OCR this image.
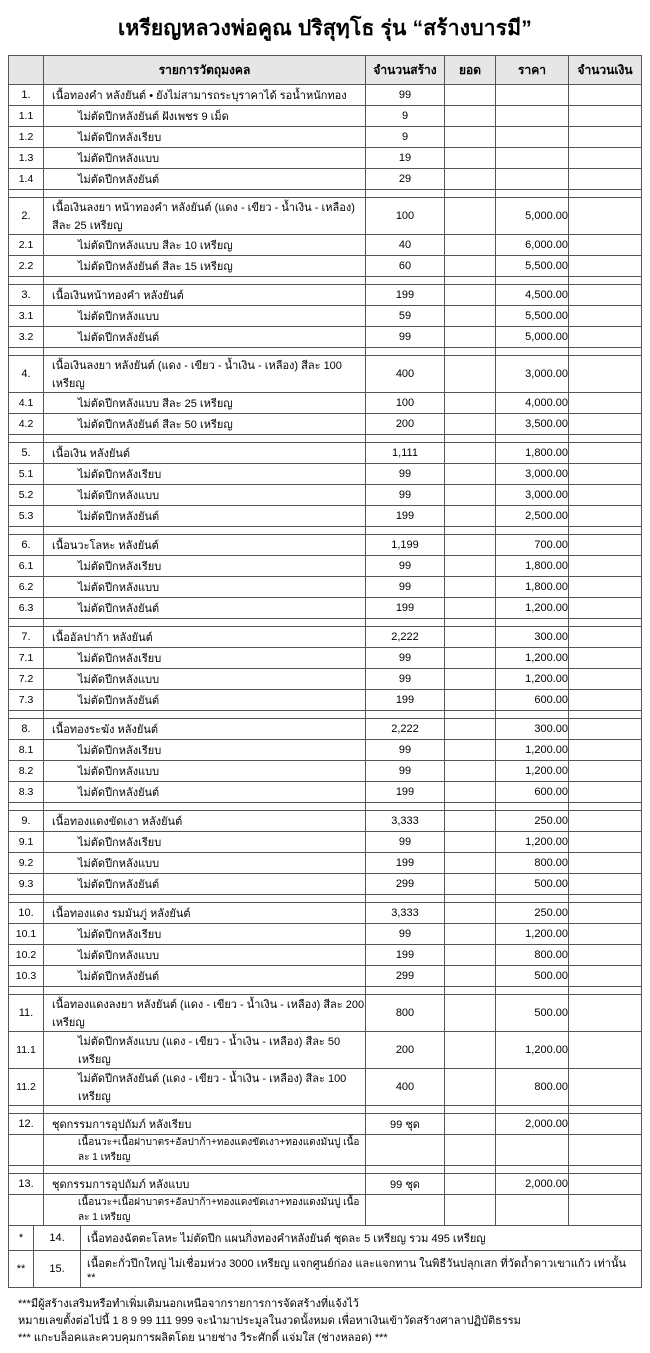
เหรียญหลวงพ่อคูณ ปริสุทฺโธ รุ่น “สร้างบารมี”
	รายการวัตถุมงคล	จำนวนสร้าง	ยอด	ราคา	จำนวนเงิน
1.	เนื้อทองคำ หลังยันต์ • ยังไม่สามารถระบุราคาได้ รอน้ำหนักทอง	99			
1.1	ไม่ตัดปีกหลังยันต์ ฝังเพชร 9 เม็ด	9			
1.2	ไม่ตัดปีกหลังเรียบ	9			
1.3	ไม่ตัดปีกหลังแบบ	19			
1.4	ไม่ตัดปีกหลังยันต์	29			

2.	เนื้อเงินลงยา หน้าทองคำ หลังยันต์ (แดง - เขียว - น้ำเงิน - เหลือง) สีละ 25 เหรียญ	100		5,000.00	
2.1	ไม่ตัดปีกหลังแบบ สีละ 10 เหรียญ	40		6,000.00	
2.2	ไม่ตัดปีกหลังยันต์ สีละ 15 เหรียญ	60		5,500.00	

3.	เนื้อเงินหน้าทองคำ หลังยันต์	199		4,500.00	
3.1	ไม่ตัดปีกหลังแบบ	59		5,500.00	
3.2	ไม่ตัดปีกหลังยันต์	99		5,000.00	

4.	เนื้อเงินลงยา หลังยันต์ (แดง - เขียว - น้ำเงิน - เหลือง) สีละ 100 เหรียญ	400		3,000.00	
4.1	ไม่ตัดปีกหลังแบบ สีละ 25 เหรียญ	100		4,000.00	
4.2	ไม่ตัดปีกหลังยันต์ สีละ 50 เหรียญ	200		3,500.00	

5.	เนื้อเงิน หลังยันต์	1,111		1,800.00	
5.1	ไม่ตัดปีกหลังเรียบ	99		3,000.00	
5.2	ไม่ตัดปีกหลังแบบ	99		3,000.00	
5.3	ไม่ตัดปีกหลังยันต์	199		2,500.00	

6.	เนื้อนวะโลหะ หลังยันต์	1,199		700.00	
6.1	ไม่ตัดปีกหลังเรียบ	99		1,800.00	
6.2	ไม่ตัดปีกหลังแบบ	99		1,800.00	
6.3	ไม่ตัดปีกหลังยันต์	199		1,200.00	

7.	เนื้ออัลปาก้า หลังยันต์	2,222		300.00	
7.1	ไม่ตัดปีกหลังเรียบ	99		1,200.00	
7.2	ไม่ตัดปีกหลังแบบ	99		1,200.00	
7.3	ไม่ตัดปีกหลังยันต์	199		600.00	

8.	เนื้อทองระฆัง หลังยันต์	2,222		300.00	
8.1	ไม่ตัดปีกหลังเรียบ	99		1,200.00	
8.2	ไม่ตัดปีกหลังแบบ	99		1,200.00	
8.3	ไม่ตัดปีกหลังยันต์	199		600.00	

9.	เนื้อทองแดงขัดเงา หลังยันต์	3,333		250.00	
9.1	ไม่ตัดปีกหลังเรียบ	99		1,200.00	
9.2	ไม่ตัดปีกหลังแบบ	199		800.00	
9.3	ไม่ตัดปีกหลังยันต์	299		500.00	

10.	เนื้อทองแดง รมมันภู่ หลังยันต์	3,333		250.00	
10.1	ไม่ตัดปีกหลังเรียบ	99		1,200.00	
10.2	ไม่ตัดปีกหลังแบบ	199		800.00	
10.3	ไม่ตัดปีกหลังยันต์	299		500.00	

11.	เนื้อทองแดงลงยา หลังยันต์ (แดง - เขียว - น้ำเงิน - เหลือง) สีละ 200 เหรียญ	800		500.00	
11.1	ไม่ตัดปีกหลังแบบ (แดง - เขียว - น้ำเงิน - เหลือง) สีละ 50 เหรียญ	200		1,200.00	
11.2	ไม่ตัดปีกหลังยันต์ (แดง - เขียว - น้ำเงิน - เหลือง) สีละ 100 เหรียญ	400		800.00	

12.	ชุดกรรมการอุปถัมภ์ หลังเรียบ	99 ชุด		2,000.00	
	เนื้อนวะ+เนื้อฝาบาตร+อัลปาก้า+ทองแดงขัดเงา+ทองแดงมันปู เนื้อละ 1 เหรียญ				

13.	ชุดกรรมการอุปถัมภ์ หลังแบบ	99 ชุด		2,000.00	
	เนื้อนวะ+เนื้อฝาบาตร+อัลปาก้า+ทองแดงขัดเงา+ทองแดงมันปู เนื้อละ 1 เหรียญ				
*	14.	เนื้อทองฉัตตะโลหะ ไม่ตัดปีก แผนกิ่งทองคำหลังยันต์ ชุดละ 5 เหรียญ รวม 495 เหรียญ
**	15.	เนื้อตะกั่วปีกใหญ่ ไม่เชื่อมห่วง 3000 เหรียญ แจกศูนย์ก่อง และแจกทาน ในพิธีวันปลุกเสก ที่วัดถ้ำดาวเขาแก้ว เท่านั้น **
***มีผู้สร้างเสริมหรือทำเพิ่มเติมนอกเหนือจากรายการการจัดสร้างที่แจ้งไว้
หมายเลขตั้งต่อไปนี้ 1 8 9 99 111 999 จะนำมาประมูลในงวดนั้งหมด เพื่อหาเงินเข้าวัดสร้างศาลาปฏิบัติธรรม
*** แกะบล็อคและควบคุมการผลิตโดย นายช่าง วีระศักดิ์ แจ่มใส (ช่างหลอด) ***
